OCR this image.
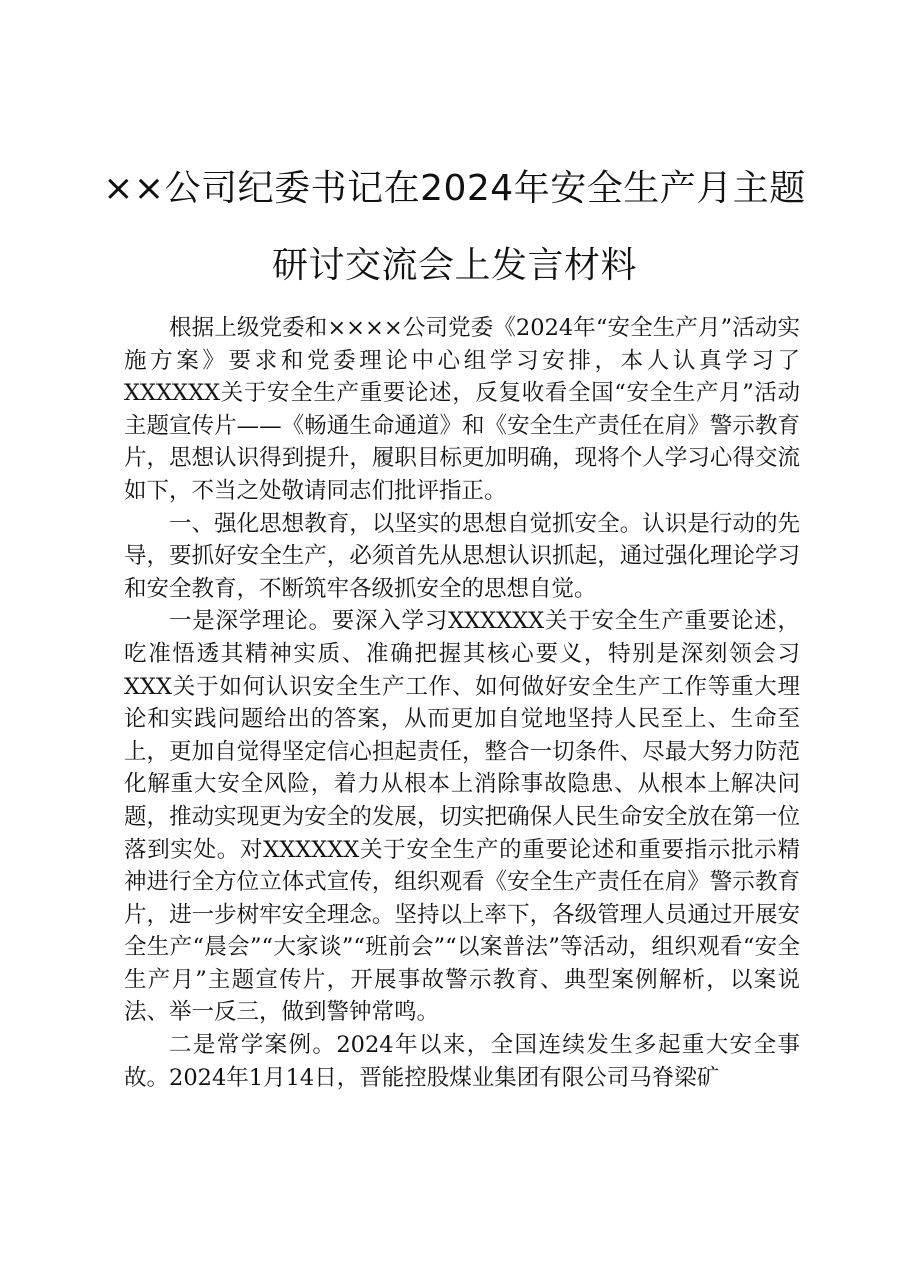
××公司纪委书记在2024年安全生产月主题
研讨交流会上发言材料

根据上级党委和××××公司党委《2024年“安全生产月”活动实施方案》要求和党委理论中心组学习安排，本人认真学习了XXXXXX关于安全生产重要论述，反复收看全国“安全生产月”活动主题宣传片——《畅通生命通道》和《安全生产责任在肩》警示教育片，思想认识得到提升，履职目标更加明确，现将个人学习心得交流如下，不当之处敬请同志们批评指正。

一、强化思想教育，以坚实的思想自觉抓安全。认识是行动的先导，要抓好安全生产，必须首先从思想认识抓起，通过强化理论学习和安全教育，不断筑牢各级抓安全的思想自觉。

一是深学理论。要深入学习XXXXXX关于安全生产重要论述，吃准悟透其精神实质、准确把握其核心要义，特别是深刻领会习XXX关于如何认识安全生产工作、如何做好安全生产工作等重大理论和实践问题给出的答案，从而更加自觉地坚持人民至上、生命至上，更加自觉得坚定信心担起责任，整合一切条件、尽最大努力防范化解重大安全风险，着力从根本上消除事故隐患、从根本上解决问题，推动实现更为安全的发展，切实把确保人民生命安全放在第一位落到实处。对XXXXXX关于安全生产的重要论述和重要指示批示精神进行全方位立体式宣传，组织观看《安全生产责任在肩》警示教育片，进一步树牢安全理念。坚持以上率下，各级管理人员通过开展安全生产“晨会”“大家谈”“班前会”“以案普法”等活动，组织观看“安全生产月”主题宣传片，开展事故警示教育、典型案例解析，以案说法、举一反三，做到警钟常鸣。

二是常学案例。2024年以来，全国连续发生多起重大安全事故。2024年1月14日，晋能控股煤业集团有限公司马脊梁矿
